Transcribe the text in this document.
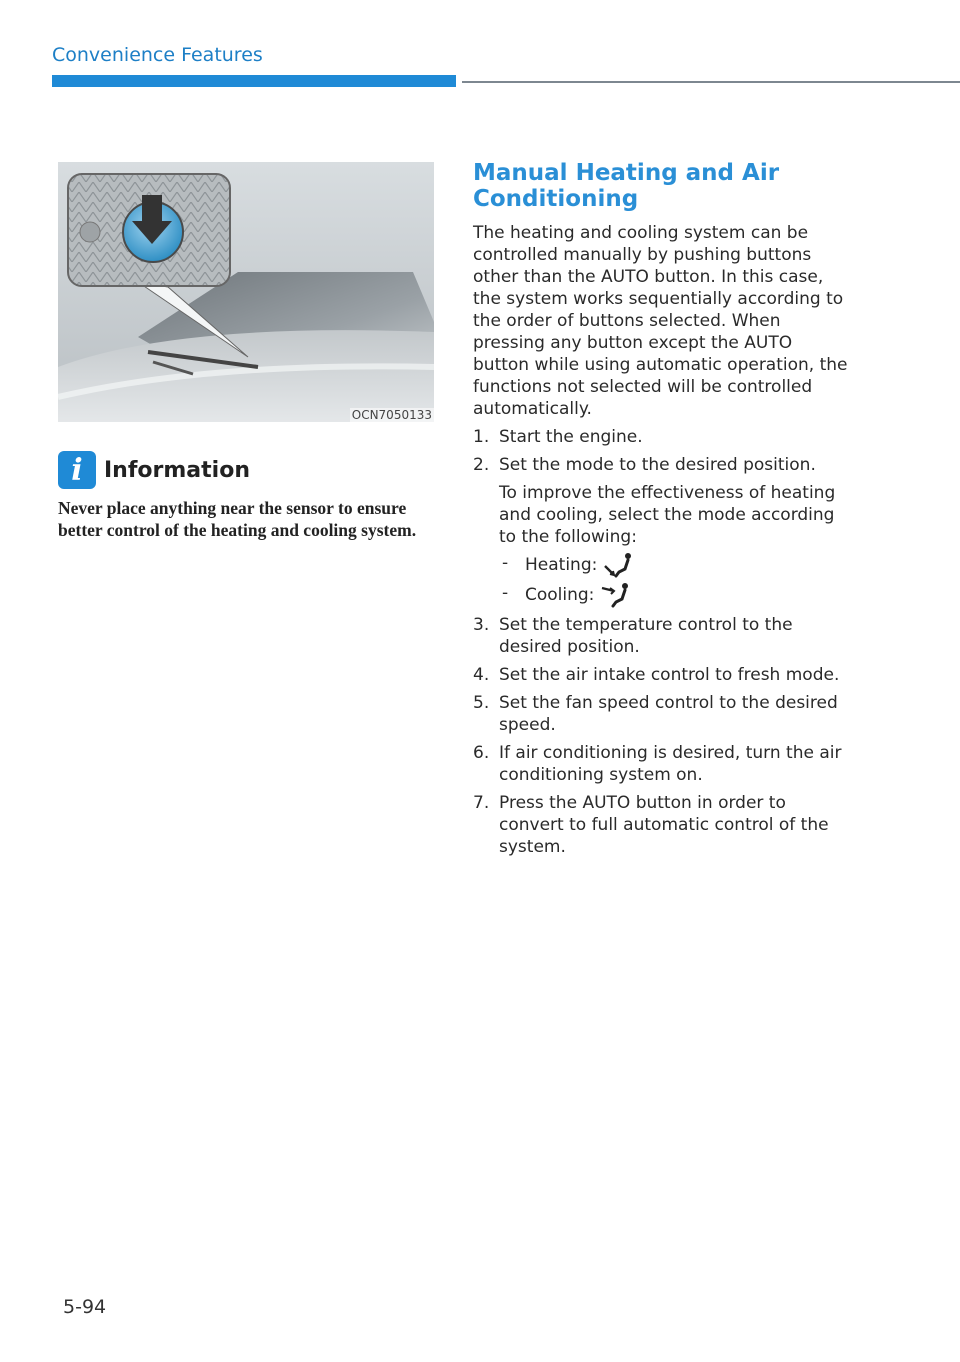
Convenience Features
OCN7050133
i Information
Never place anything near the sensor to ensure better control of the heating and cooling system.
Manual Heating and Air Conditioning

The heating and cooling system can be controlled manually by pushing buttons other than the AUTO button. In this case, the system works sequentially according to the order of buttons selected. When pressing any button except the AUTO button while using automatic operation, the functions not selected will be controlled automatically.

1. Start the engine.
2. Set the mode to the desired position.
To improve the effectiveness of heating and cooling, select the mode according to the following:
- Heating:
- Cooling:
3. Set the temperature control to the desired position.
4. Set the air intake control to fresh mode.
5. Set the fan speed control to the desired speed.
6. If air conditioning is desired, turn the air conditioning system on.
7. Press the AUTO button in order to convert to full automatic control of the system.
5-94
